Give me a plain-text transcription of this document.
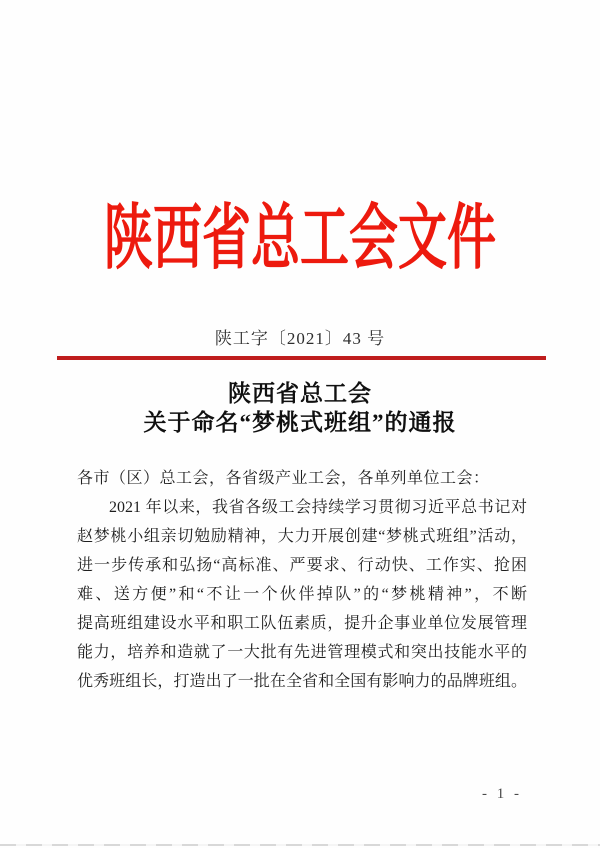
陕西省总工会文件
陕工字〔2021〕43 号
陕西省总工会
关于命名“梦桃式班组”的通报
各市（区）总工会，各省级产业工会，各单列单位工会：
2021 年以来，我省各级工会持续学习贯彻习近平总书记对
赵梦桃小组亲切勉励精神，大力开展创建“梦桃式班组”活动，
进一步传承和弘扬“高标准、严要求、行动快、工作实、抢困
难、送方便”和“不让一个伙伴掉队”的“梦桃精神”，不断
提高班组建设水平和职工队伍素质，提升企事业单位发展管理
能力，培养和造就了一大批有先进管理模式和突出技能水平的
优秀班组长，打造出了一批在全省和全国有影响力的品牌班组。
- 1 -
